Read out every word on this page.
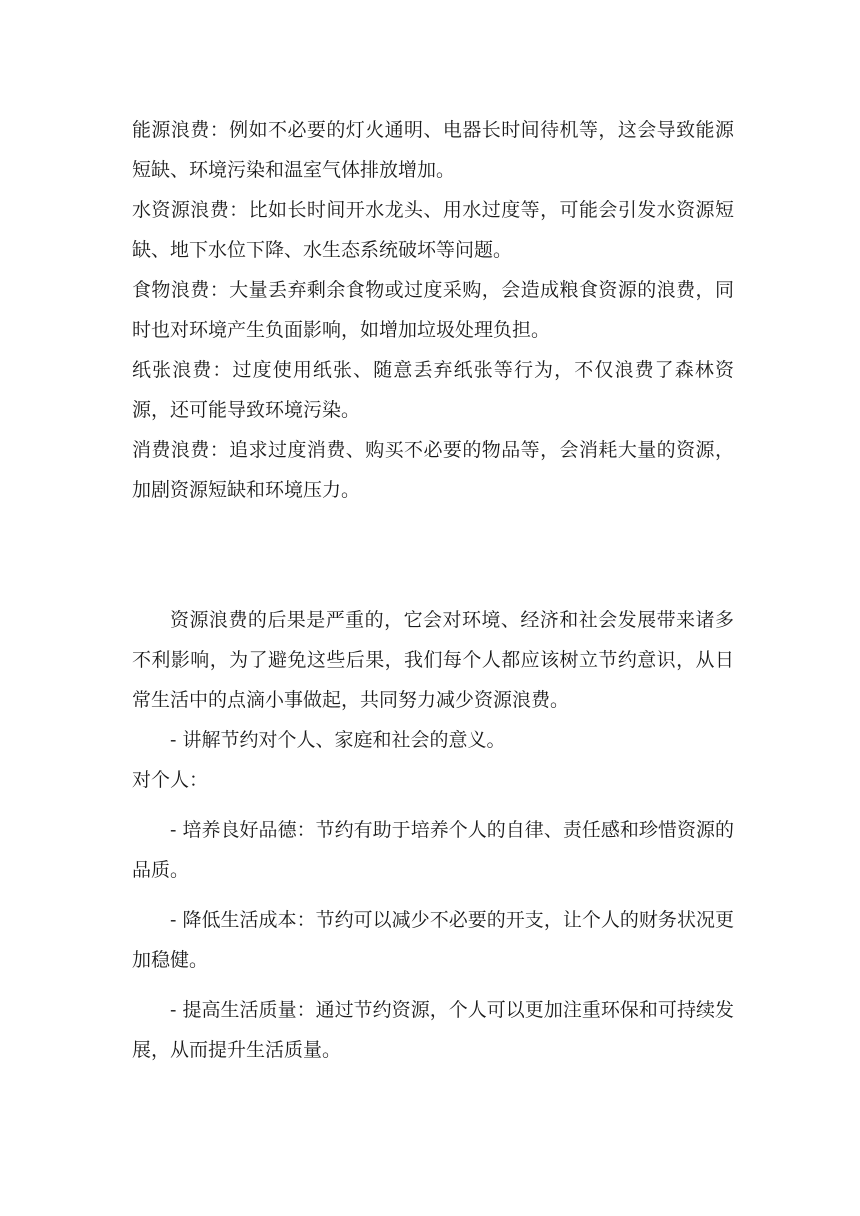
能源浪费：例如不必要的灯火通明、电器长时间待机等，这会导致能源短缺、环境污染和温室气体排放增加。

水资源浪费：比如长时间开水龙头、用水过度等，可能会引发水资源短缺、地下水位下降、水生态系统破坏等问题。

食物浪费：大量丢弃剩余食物或过度采购，会造成粮食资源的浪费，同时也对环境产生负面影响，如增加垃圾处理负担。

纸张浪费：过度使用纸张、随意丢弃纸张等行为，不仅浪费了森林资源，还可能导致环境污染。

消费浪费：追求过度消费、购买不必要的物品等，会消耗大量的资源，加剧资源短缺和环境压力。

资源浪费的后果是严重的，它会对环境、经济和社会发展带来诸多不利影响，为了避免这些后果，我们每个人都应该树立节约意识，从日常生活中的点滴小事做起，共同努力减少资源浪费。

- 讲解节约对个人、家庭和社会的意义。

对个人：

- 培养良好品德：节约有助于培养个人的自律、责任感和珍惜资源的品质。

- 降低生活成本：节约可以减少不必要的开支，让个人的财务状况更加稳健。

- 提高生活质量：通过节约资源，个人可以更加注重环保和可持续发展，从而提升生活质量。
